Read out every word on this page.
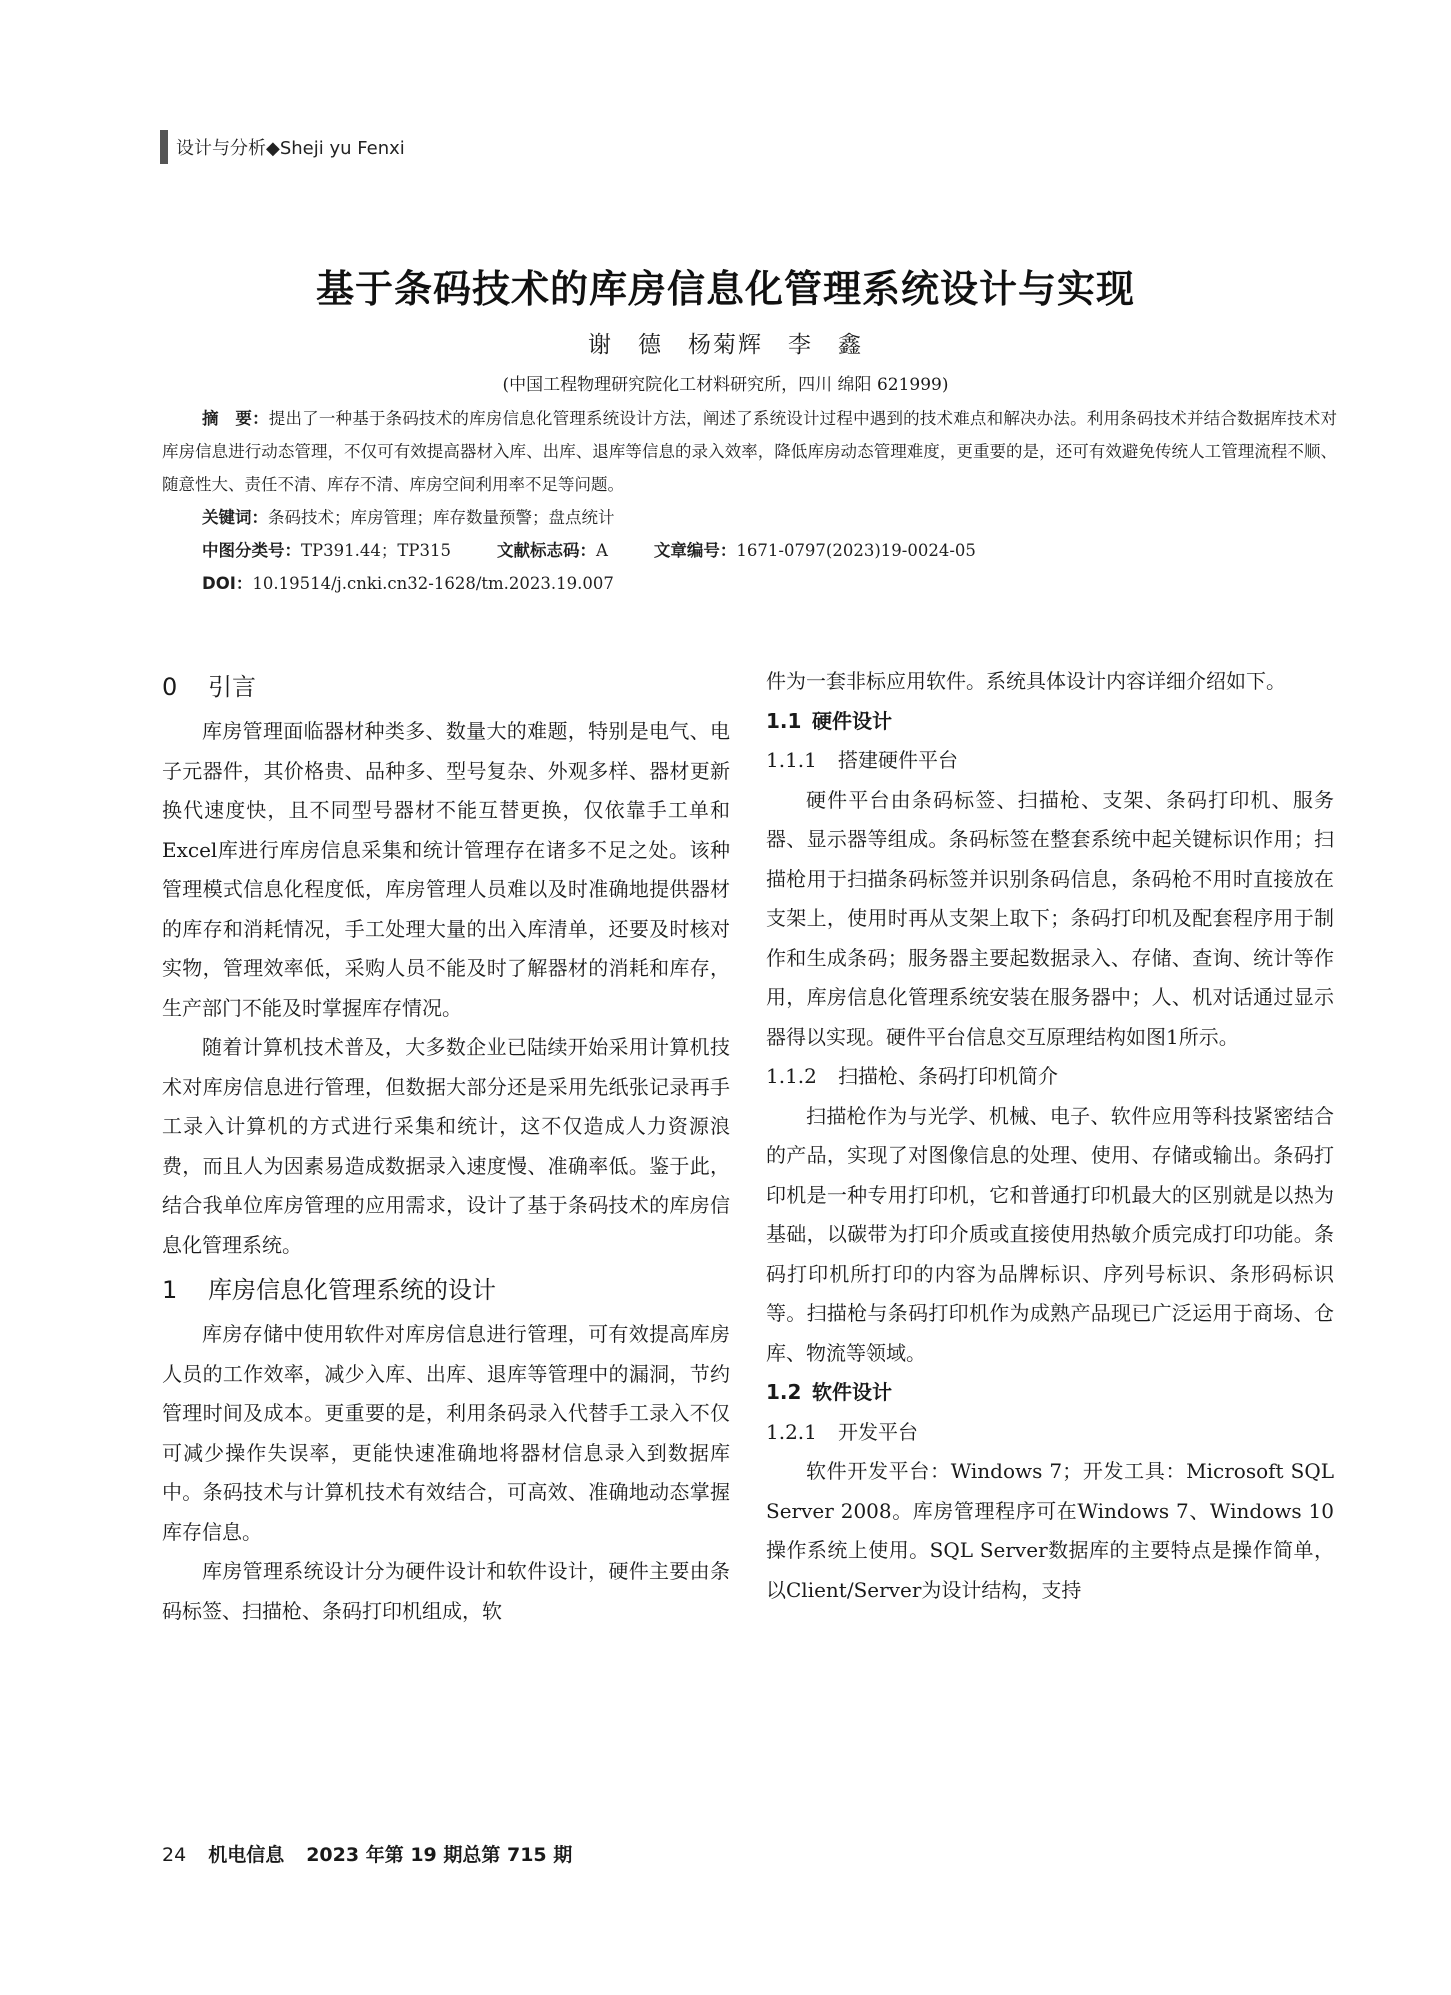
设计与分析◆Sheji yu Fenxi
基于条码技术的库房信息化管理系统设计与实现
谢　德　杨菊辉　李　鑫
(中国工程物理研究院化工材料研究所，四川 绵阳 621999)

摘　要：提出了一种基于条码技术的库房信息化管理系统设计方法，阐述了系统设计过程中遇到的技术难点和解决办法。利用条码技术并结合数据库技术对库房信息进行动态管理，不仅可有效提高器材入库、出库、退库等信息的录入效率，降低库房动态管理难度，更重要的是，还可有效避免传统人工管理流程不顺、随意性大、责任不清、库存不清、库房空间利用率不足等问题。

关键词：条码技术；库房管理；库存数量预警；盘点统计

中图分类号：TP391.44；TP315	文献标志码：A	文章编号：1671-0797(2023)19-0024-05

DOI：10.19514/j.cnki.cn32-1628/tm.2023.19.007

0 引言

库房管理面临器材种类多、数量大的难题，特别是电气、电子元器件，其价格贵、品种多、型号复杂、外观多样、器材更新换代速度快，且不同型号器材不能互替更换，仅依靠手工单和Excel库进行库房信息采集和统计管理存在诸多不足之处。该种管理模式信息化程度低，库房管理人员难以及时准确地提供器材的库存和消耗情况，手工处理大量的出入库清单，还要及时核对实物，管理效率低，采购人员不能及时了解器材的消耗和库存，生产部门不能及时掌握库存情况。

随着计算机技术普及，大多数企业已陆续开始采用计算机技术对库房信息进行管理，但数据大部分还是采用先纸张记录再手工录入计算机的方式进行采集和统计，这不仅造成人力资源浪费，而且人为因素易造成数据录入速度慢、准确率低。鉴于此，结合我单位库房管理的应用需求，设计了基于条码技术的库房信息化管理系统。

1 库房信息化管理系统的设计

库房存储中使用软件对库房信息进行管理，可有效提高库房人员的工作效率，减少入库、出库、退库等管理中的漏洞，节约管理时间及成本。更重要的是，利用条码录入代替手工录入不仅可减少操作失误率，更能快速准确地将器材信息录入到数据库中。条码技术与计算机技术有效结合，可高效、准确地动态掌握库存信息。

库房管理系统设计分为硬件设计和软件设计，硬件主要由条码标签、扫描枪、条码打印机组成，软

件为一套非标应用软件。系统具体设计内容详细介绍如下。

1.1 硬件设计
1.1.1 搭建硬件平台

硬件平台由条码标签、扫描枪、支架、条码打印机、服务器、显示器等组成。条码标签在整套系统中起关键标识作用；扫描枪用于扫描条码标签并识别条码信息，条码枪不用时直接放在支架上，使用时再从支架上取下；条码打印机及配套程序用于制作和生成条码；服务器主要起数据录入、存储、查询、统计等作用，库房信息化管理系统安装在服务器中；人、机对话通过显示器得以实现。硬件平台信息交互原理结构如图1所示。

1.1.2 扫描枪、条码打印机简介

扫描枪作为与光学、机械、电子、软件应用等科技紧密结合的产品，实现了对图像信息的处理、使用、存储或输出。条码打印机是一种专用打印机，它和普通打印机最大的区别就是以热为基础，以碳带为打印介质或直接使用热敏介质完成打印功能。条码打印机所打印的内容为品牌标识、序列号标识、条形码标识等。扫描枪与条码打印机作为成熟产品现已广泛运用于商场、仓库、物流等领域。

1.2 软件设计
1.2.1 开发平台

软件开发平台：Windows 7；开发工具：Microsoft SQL Server 2008。库房管理程序可在Windows 7、Windows 10操作系统上使用。SQL Server数据库的主要特点是操作简单，以Client/Server为设计结构，支持

24 机电信息 2023 年第 19 期总第 715 期
